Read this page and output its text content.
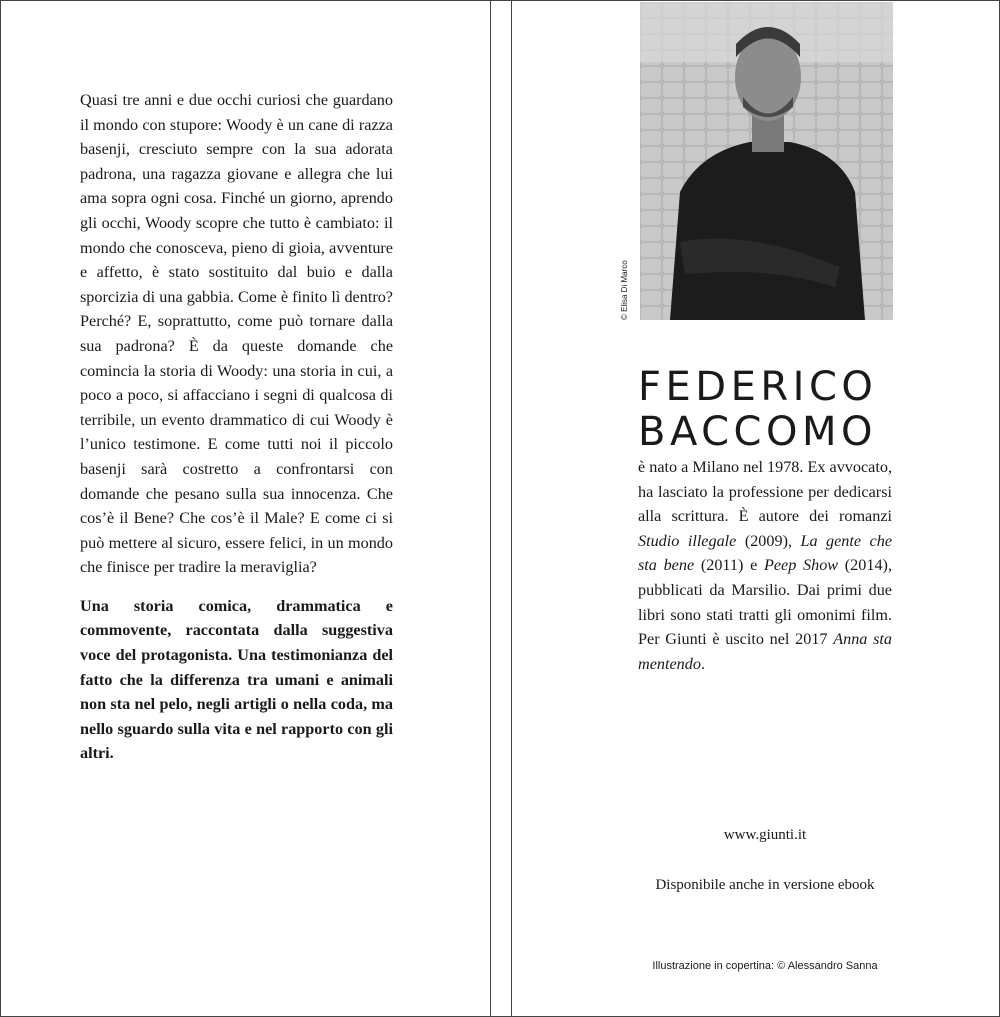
Quasi tre anni e due occhi curiosi che guardano il mondo con stupore: Woody è un cane di razza basenji, cresciuto sempre con la sua adorata padrona, una ragazza giovane e allegra che lui ama sopra ogni cosa. Finché un giorno, aprendo gli occhi, Woody scopre che tutto è cambiato: il mondo che conosceva, pieno di gioia, avventure e affetto, è stato sostituito dal buio e dalla sporcizia di una gabbia. Come è finito lì dentro? Perché? E, soprattutto, come può tornare dalla sua padrona? È da queste domande che comincia la storia di Woody: una storia in cui, a poco a poco, si affacciano i segni di qualcosa di terribile, un evento drammatico di cui Woody è l’unico testimone. E come tutti noi il piccolo basenji sarà costretto a confrontarsi con domande che pesano sulla sua innocenza. Che cos’è il Bene? Che cos’è il Male? E come ci si può mettere al sicuro, essere felici, in un mondo che finisce per tradire la meraviglia?

Una storia comica, drammatica e commovente, raccontata dalla suggestiva voce del protagonista. Una testimonianza del fatto che la differenza tra umani e animali non sta nel pelo, negli artigli o nella coda, ma nello sguardo sulla vita e nel rapporto con gli altri.

© Elisa Di Marco
FEDERICO
BACCOMO

è nato a Milano nel 1978. Ex avvocato, ha lasciato la professione per dedicarsi alla scrittura. È autore dei romanzi Studio illegale (2009), La gente che sta bene (2011) e Peep Show (2014), pubblicati da Marsilio. Dai primi due libri sono stati tratti gli omonimi film. Per Giunti è uscito nel 2017 Anna sta mentendo.

www.giunti.it
Disponibile anche in versione ebook
Illustrazione in copertina: © Alessandro Sanna
